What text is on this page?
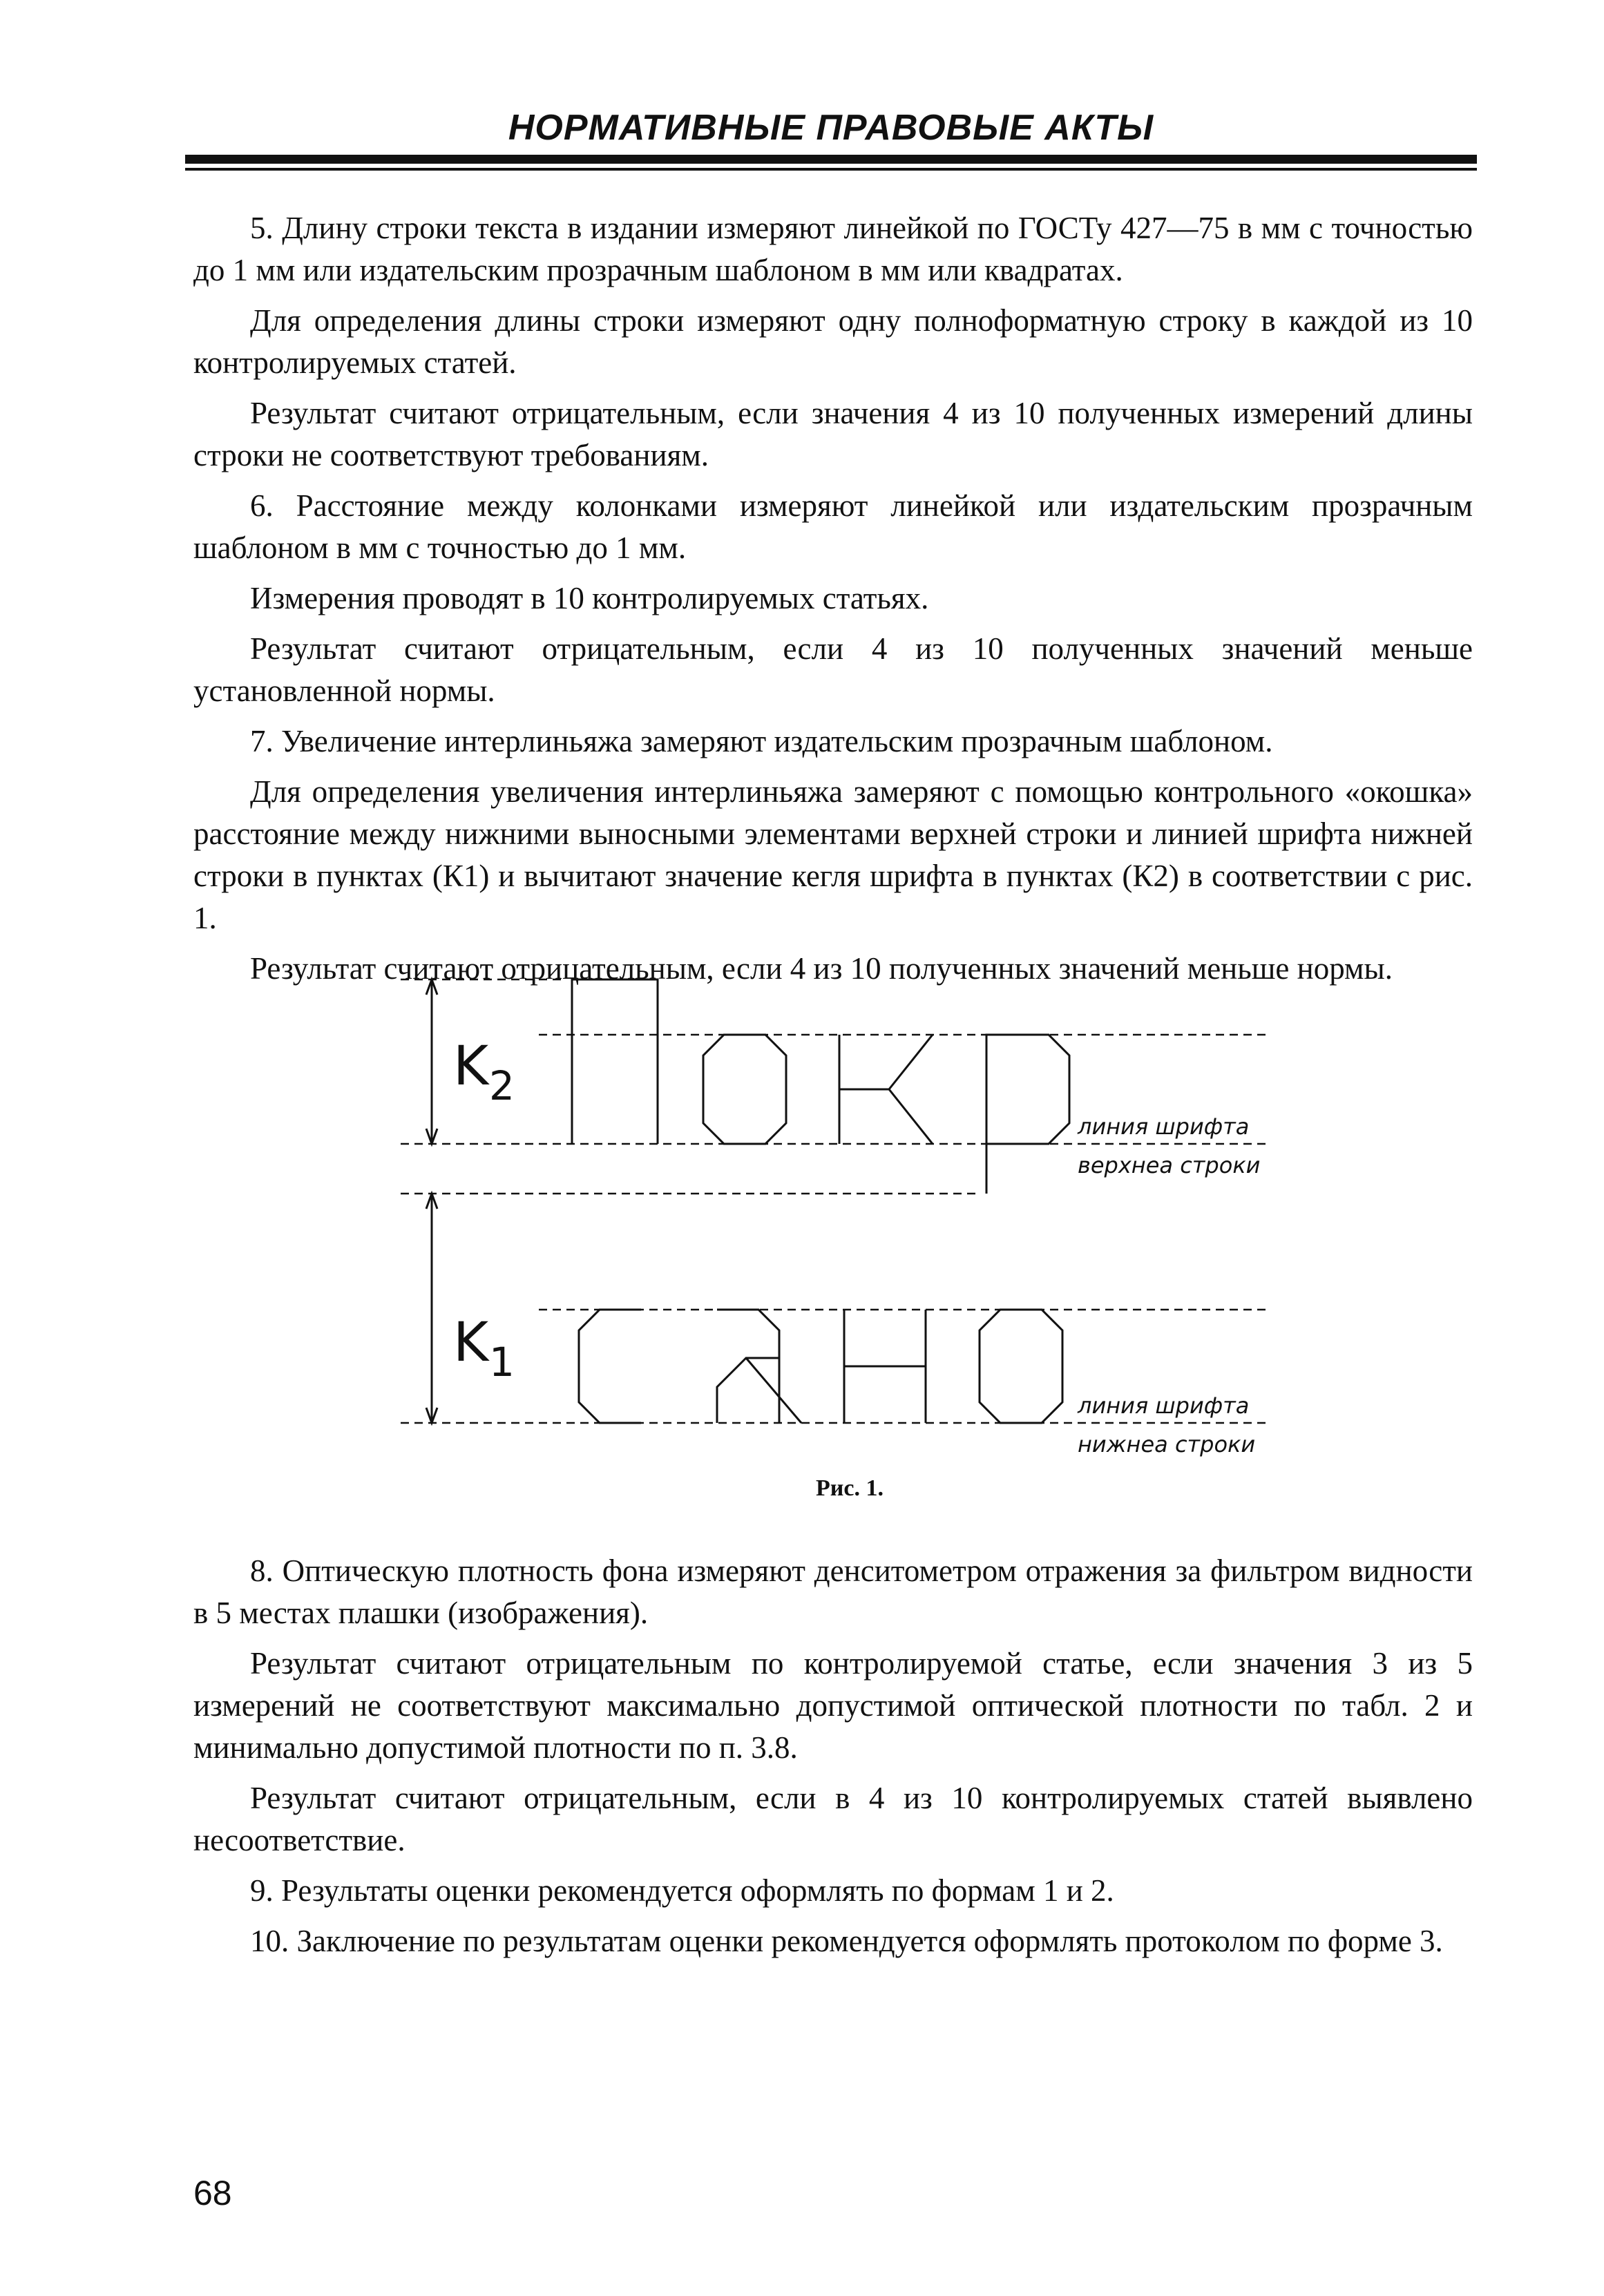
НОРМАТИВНЫЕ ПРАВОВЫЕ АКТЫ

5. Длину строки текста в издании измеряют линейкой по ГОСТу 427—75 в мм с точностью до 1 мм или издательским прозрачным шаблоном в мм или квадратах.

Для определения длины строки измеряют одну полноформатную строку в каждой из 10 контролируемых статей.

Результат считают отрицательным, если значения 4 из 10 полученных измерений длины строки не соответствуют требованиям.

6. Расстояние между колонками измеряют линейкой или издательским прозрачным шаблоном в мм с точностью до 1 мм.

Измерения проводят в 10 контролируемых статьях.

Результат считают отрицательным, если 4 из 10 полученных значений меньше установленной нормы.

7. Увеличение интерлиньяжа замеряют издательским прозрачным шаблоном.

Для определения увеличения интерлиньяжа замеряют с помощью контрольного «окошка» расстояние между нижними выносными элементами верхней строки и линией шрифта нижней строки в пунктах (К1) и вычитают значение кегля шрифта в пунктах (К2) в соответствии с рис. 1.

Результат считают отрицательным, если 4 из 10 полученных значений меньше нормы.

K 2
K 1
линия шрифта
верхнеа строки
линия шрифта
нижнеа строки
Рис. 1.

8. Оптическую плотность фона измеряют денситометром отражения за фильтром видности в 5 местах плашки (изображения).

Результат считают отрицательным по контролируемой статье, если значения 3 из 5 измерений не соответствуют максимально допустимой оптической плотности по табл. 2 и минимально допустимой плотности по п. 3.8.

Результат считают отрицательным, если в 4 из 10 контролируемых статей выявлено несоответствие.

9. Результаты оценки рекомендуется оформлять по формам 1 и 2.

10. Заключение по результатам оценки рекомендуется оформлять протоколом по форме 3.

68
